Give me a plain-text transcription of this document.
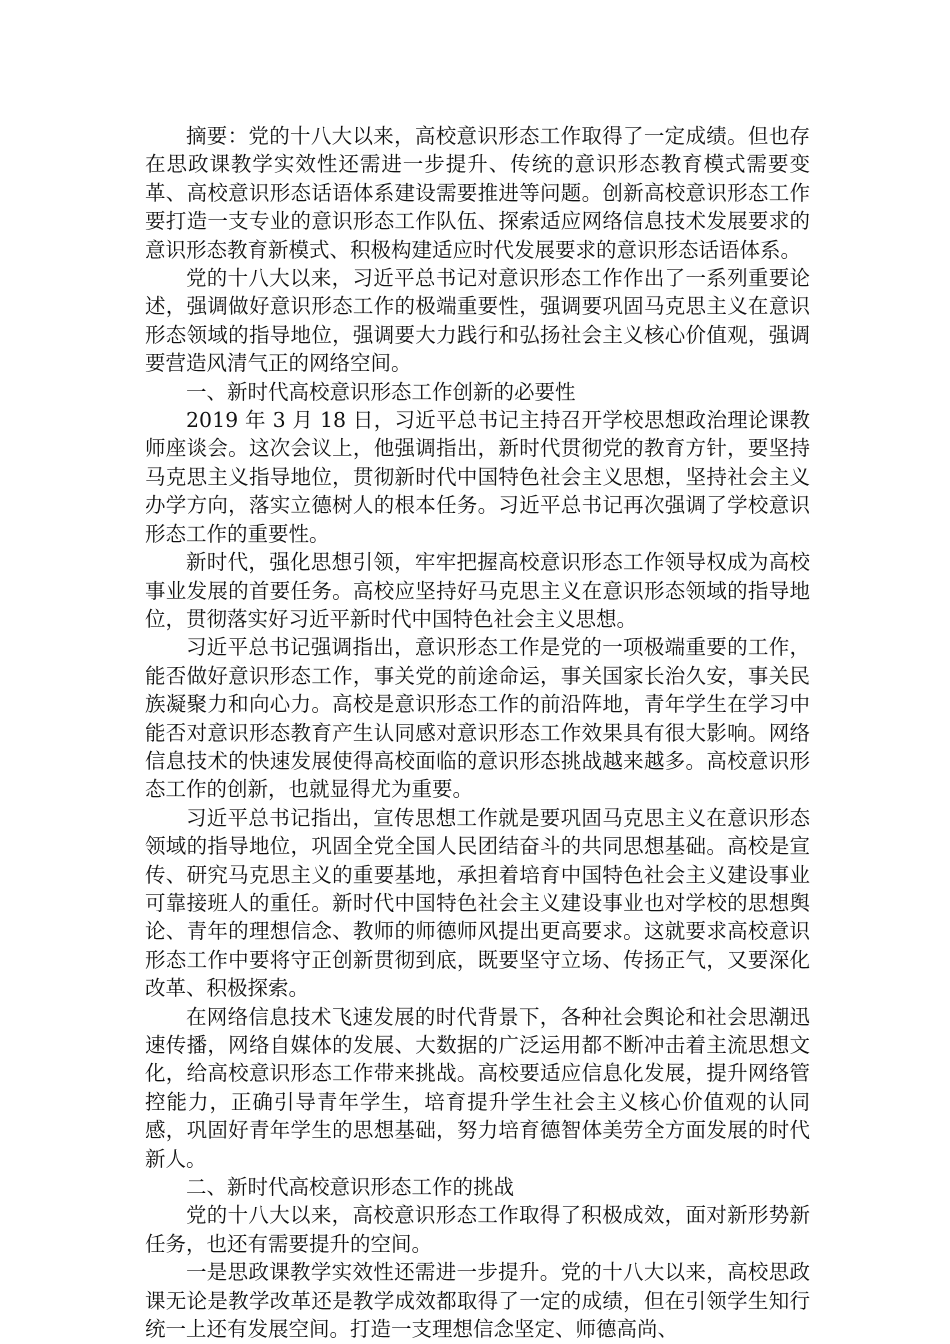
摘要：党的十八大以来，高校意识形态工作取得了一定成绩。但也存在思政课教学实效性还需进一步提升、传统的意识形态教育模式需要变革、高校意识形态话语体系建设需要推进等问题。创新高校意识形态工作要打造一支专业的意识形态工作队伍、探索适应网络信息技术发展要求的意识形态教育新模式、积极构建适应时代发展要求的意识形态话语体系。

党的十八大以来，习近平总书记对意识形态工作作出了一系列重要论述，强调做好意识形态工作的极端重要性，强调要巩固马克思主义在意识形态领域的指导地位，强调要大力践行和弘扬社会主义核心价值观，强调要营造风清气正的网络空间。

一、新时代高校意识形态工作创新的必要性

2019 年 3 月 18 日，习近平总书记主持召开学校思想政治理论课教师座谈会。这次会议上，他强调指出，新时代贯彻党的教育方针，要坚持马克思主义指导地位，贯彻新时代中国特色社会主义思想，坚持社会主义办学方向，落实立德树人的根本任务。习近平总书记再次强调了学校意识形态工作的重要性。

新时代，强化思想引领，牢牢把握高校意识形态工作领导权成为高校事业发展的首要任务。高校应坚持好马克思主义在意识形态领域的指导地位，贯彻落实好习近平新时代中国特色社会主义思想。

习近平总书记强调指出，意识形态工作是党的一项极端重要的工作，能否做好意识形态工作，事关党的前途命运，事关国家长治久安，事关民族凝聚力和向心力。高校是意识形态工作的前沿阵地，青年学生在学习中能否对意识形态教育产生认同感对意识形态工作效果具有很大影响。网络信息技术的快速发展使得高校面临的意识形态挑战越来越多。高校意识形态工作的创新，也就显得尤为重要。

习近平总书记指出，宣传思想工作就是要巩固马克思主义在意识形态领域的指导地位，巩固全党全国人民团结奋斗的共同思想基础。高校是宣传、研究马克思主义的重要基地，承担着培育中国特色社会主义建设事业可靠接班人的重任。新时代中国特色社会主义建设事业也对学校的思想舆论、青年的理想信念、教师的师德师风提出更高要求。这就要求高校意识形态工作中要将守正创新贯彻到底，既要坚守立场、传扬正气，又要深化改革、积极探索。

在网络信息技术飞速发展的时代背景下，各种社会舆论和社会思潮迅速传播，网络自媒体的发展、大数据的广泛运用都不断冲击着主流思想文化，给高校意识形态工作带来挑战。高校要适应信息化发展，提升网络管控能力，正确引导青年学生，培育提升学生社会主义核心价值观的认同感，巩固好青年学生的思想基础，努力培育德智体美劳全方面发展的时代新人。

二、新时代高校意识形态工作的挑战

党的十八大以来，高校意识形态工作取得了积极成效，面对新形势新任务，也还有需要提升的空间。

一是思政课教学实效性还需进一步提升。党的十八大以来，高校思政课无论是教学改革还是教学成效都取得了一定的成绩，但在引领学生知行统一上还有发展空间。打造一支理想信念坚定、师德高尚、
